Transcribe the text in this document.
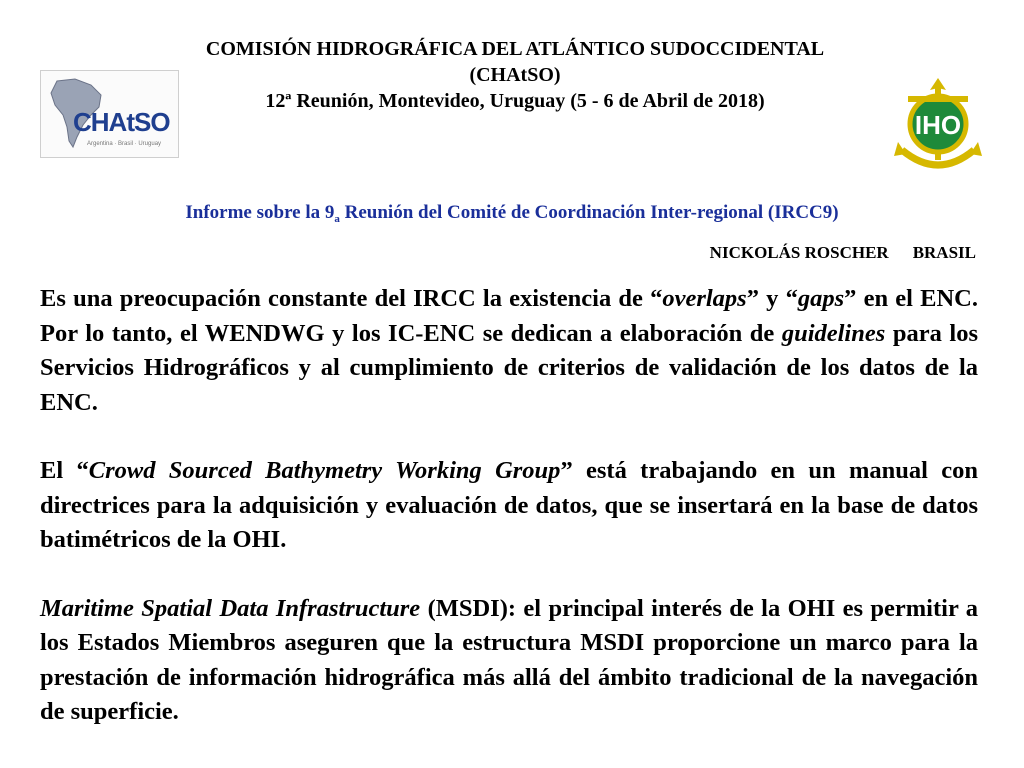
COMISIÓN HIDROGRÁFICA DEL ATLÁNTICO SUDOCCIDENTAL
(CHAtSO)
12ª Reunión, Montevideo, Uruguay (5 - 6 de Abril de 2018)
CHAtSO
Argentina · Brasil · Uruguay
IHO
Informe sobre la 9$^a$ Reunión del Comité de Coordinación Inter-regional (IRCC9)
NICKOLÁS ROSCHER BRASIL

Es una preocupación constante del IRCC la existencia de “overlaps” y “gaps” en el ENC. Por lo tanto, el WENDWG y los IC-ENC se dedican a elaboración de guidelines para los Servicios Hidrográficos y al cumplimiento de criterios de validación de los datos de la ENC.

El “Crowd Sourced Bathymetry Working Group” está trabajando en un manual con directrices para la adquisición y evaluación de datos, que se insertará en la base de datos batimétricos de la OHI.

Maritime Spatial Data Infrastructure (MSDI): el principal interés de la OHI es permitir a los Estados Miembros aseguren que la estructura MSDI proporcione un marco para la prestación de información hidrográfica más allá del ámbito tradicional de la navegación de superficie.
